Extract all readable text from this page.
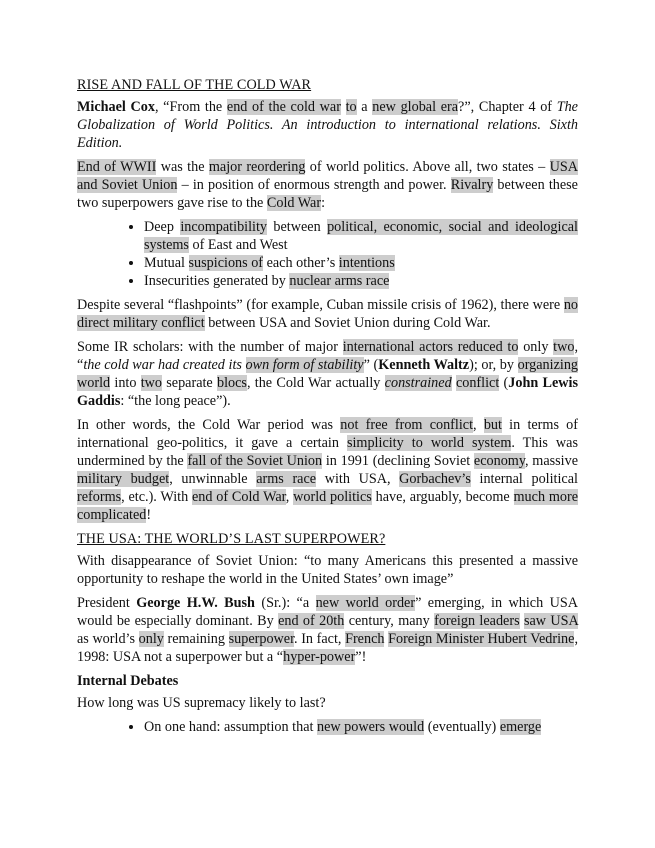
RISE AND FALL OF THE COLD WAR

Michael Cox, “From the end of the cold war to a new global era?”, Chapter 4 of The Globalization of World Politics. An introduction to international relations. Sixth Edition.

End of WWII was the major reordering of world politics. Above all, two states – USA and Soviet Union – in position of enormous strength and power. Rivalry between these two superpowers gave rise to the Cold War:

• Deep incompatibility between political, economic, social and ideological systems of East and West
• Mutual suspicions of each other’s intentions
• Insecurities generated by nuclear arms race

Despite several “flashpoints” (for example, Cuban missile crisis of 1962), there were no direct military conflict between USA and Soviet Union during Cold War.

Some IR scholars: with the number of major international actors reduced to only two, “the cold war had created its own form of stability” (Kenneth Waltz); or, by organizing world into two separate blocs, the Cold War actually constrained conflict (John Lewis Gaddis: “the long peace”).

In other words, the Cold War period was not free from conflict, but in terms of international geo-politics, it gave a certain simplicity to world system. This was undermined by the fall of the Soviet Union in 1991 (declining Soviet economy, massive military budget, unwinnable arms race with USA, Gorbachev’s internal political reforms, etc.). With end of Cold War, world politics have, arguably, become much more complicated!

THE USA: THE WORLD’S LAST SUPERPOWER?

With disappearance of Soviet Union: “to many Americans this presented a massive opportunity to reshape the world in the United States’ own image”

President George H.W. Bush (Sr.): “a new world order” emerging, in which USA would be especially dominant. By end of 20th century, many foreign leaders saw USA as world’s only remaining superpower. In fact, French Foreign Minister Hubert Vedrine, 1998: USA not a superpower but a “hyper-power”!

Internal Debates

How long was US supremacy likely to last?

• On one hand: assumption that new powers would (eventually) emerge
